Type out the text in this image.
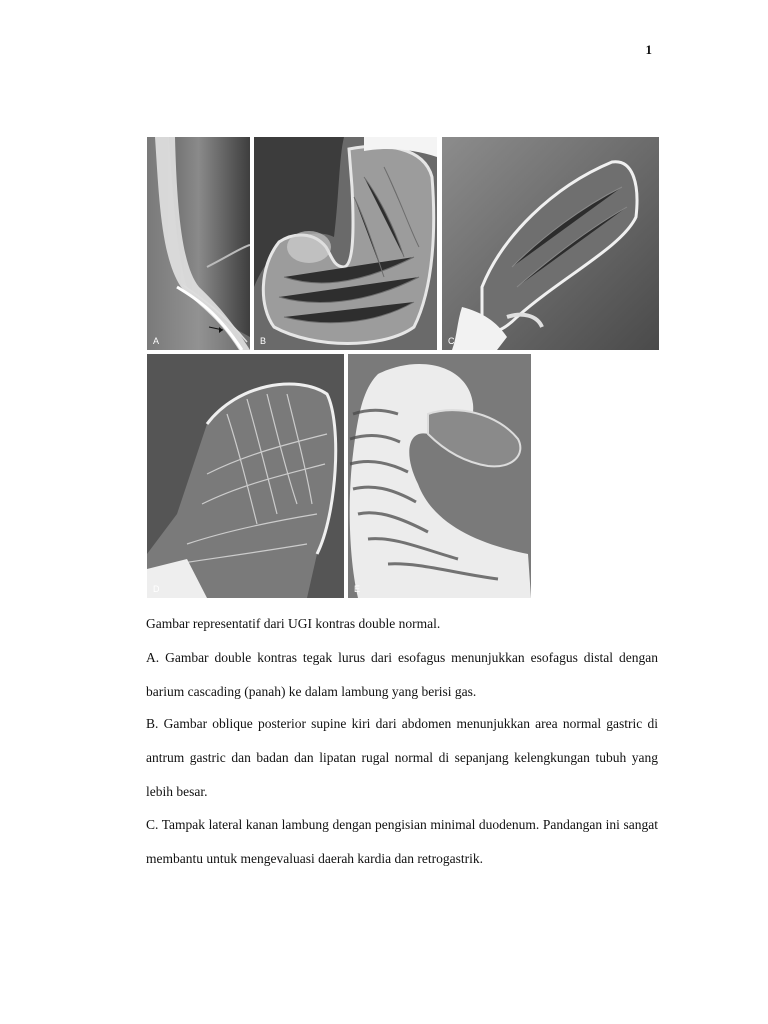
1
A	B	C
D	E
Gambar representatif dari UGI kontras double normal.

A. Gambar double kontras tegak lurus dari esofagus menunjukkan esofagus distal dengan barium cascading (panah) ke dalam lambung yang berisi gas.

B. Gambar oblique posterior supine kiri dari abdomen menunjukkan area normal gastric di antrum gastric dan badan dan lipatan rugal normal di sepanjang kelengkungan tubuh yang lebih besar.

C. Tampak lateral kanan lambung dengan pengisian minimal duodenum. Pandangan ini sangat membantu untuk mengevaluasi daerah kardia dan retrogastrik.
